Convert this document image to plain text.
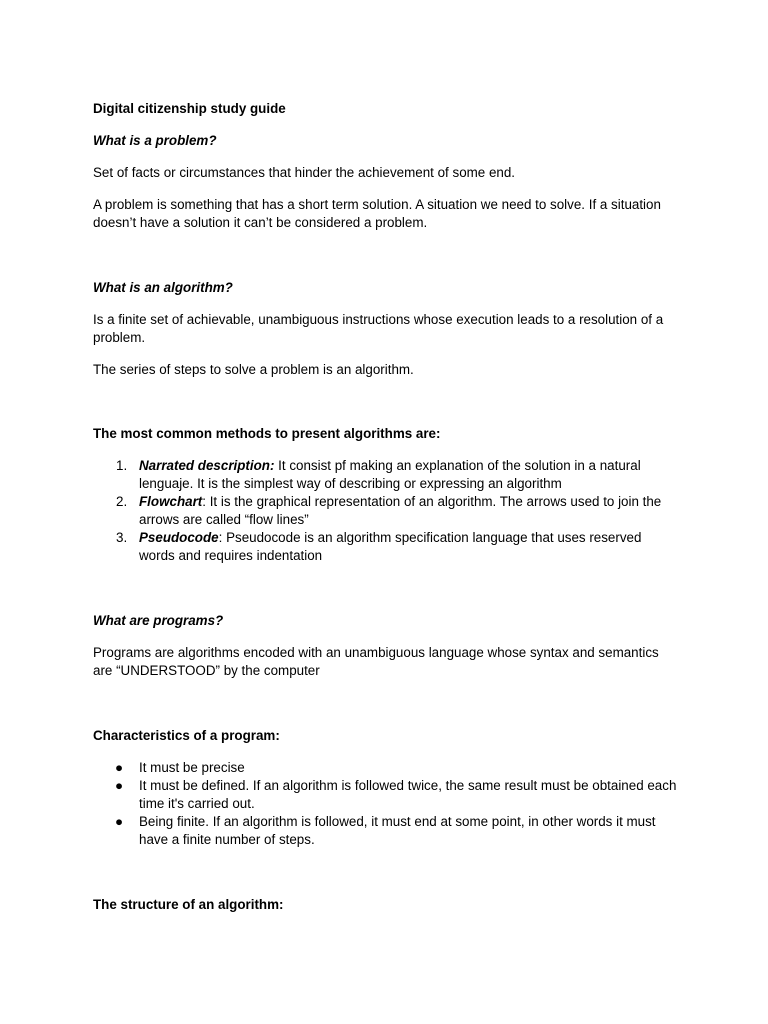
Digital citizenship study guide

What is a problem?

Set of facts or circumstances that hinder the achievement of some end.

A problem is something that has a short term solution. A situation we need to solve. If a situation doesn’t have a solution it can’t be considered a problem.

What is an algorithm?

Is a finite set of achievable, unambiguous instructions whose execution leads to a resolution of a problem.

The series of steps to solve a problem is an algorithm.

The most common methods to present algorithms are:

1. Narrated description: It consist pf making an explanation of the solution in a natural lenguaje. It is the simplest way of describing or expressing an algorithm
2. Flowchart: It is the graphical representation of an algorithm. The arrows used to join the arrows are called “flow lines”
3. Pseudocode: Pseudocode is an algorithm specification language that uses reserved words and requires indentation

What are programs?

Programs are algorithms encoded with an unambiguous language whose syntax and semantics are “UNDERSTOOD” by the computer

Characteristics of a program:

● It must be precise
● It must be defined. If an algorithm is followed twice, the same result must be obtained each time it's carried out.
● Being finite. If an algorithm is followed, it must end at some point, in other words it must have a finite number of steps.

The structure of an algorithm:
